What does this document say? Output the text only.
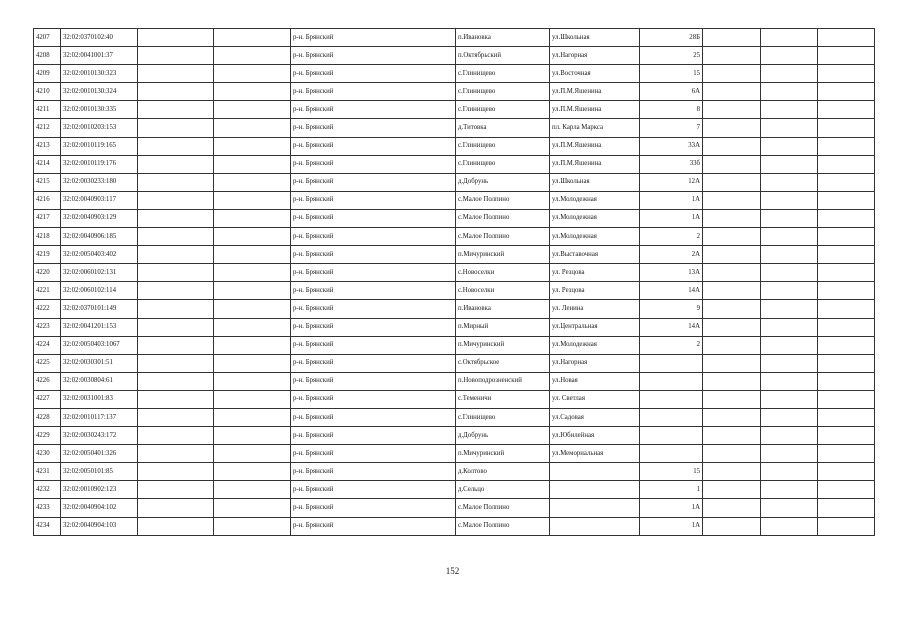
4207	32:02:0370102:40			р-н. Брянский	п.Ивановка	ул.Школьная	28Б			
4208	32:02:0041001:37			р-н. Брянский	п.Октябрьский	ул.Нагорная	25			
4209	32:02:0010130:323			р-н. Брянский	с.Глинищево	ул.Восточная	15			
4210	32:02:0010130:324			р-н. Брянский	с.Глинищево	ул.П.М.Яшенина	6А			
4211	32:02:0010130:335			р-н. Брянский	с.Глинищево	ул.П.М.Яшенина	8			
4212	32:02:0010203:153			р-н. Брянский	д.Титовка	пл. Карла Маркса	7			
4213	32:02:0010119:165			р-н. Брянский	с.Глинищево	ул.П.М.Яшенина	33А			
4214	32:02:0010119:176			р-н. Брянский	с.Глинищево	ул.П.М.Яшенина	33б			
4215	32:02:0030233:180			р-н. Брянский	д.Добрунь	ул.Школьная	12А			
4216	32:02:0040903:117			р-н. Брянский	с.Малое Полпино	ул.Молодежная	1А			
4217	32:02:0040903:129			р-н. Брянский	с.Малое Полпино	ул.Молодежная	1А			
4218	32:02:0040906:185			р-н. Брянский	с.Малое Полпино	ул.Молодежная	2			
4219	32:02:0050403:402			р-н. Брянский	п.Мичуринский	ул.Выставочная	2А			
4220	32:02:0060102:131			р-н. Брянский	с.Новоселки	ул. Резцова	13А			
4221	32:02:0060102:114			р-н. Брянский	с.Новоселки	ул. Резцова	14А			
4222	32:02:0370101:149			р-н. Брянский	п.Ивановка	ул. Ленина	9			
4223	32:02:0041201:153			р-н. Брянский	п.Мирный	ул.Центральная	14А			
4224	32:02:0050403:1067			р-н. Брянский	п.Мичуринский	ул.Молодежная	2			
4225	32:02:0030301:51			р-н. Брянский	с.Октябрьское	ул.Нагорная				
4226	32:02:0030804:61			р-н. Брянский	п.Новоподрозненский	ул.Новая				
4227	32:02:0031001:83			р-н. Брянский	с.Теменичи	ул. Светлая				
4228	32:02:0010117:137			р-н. Брянский	с.Глинищево	ул.Садовая				
4229	32:02:0030243:172			р-н. Брянский	д.Добрунь	ул.Юбилейная				
4230	32:02:0050401:326			р-н. Брянский	п.Мичуринский	ул.Мемориальная				
4231	32:02:0050101:85			р-н. Брянский	д.Колтово		15			
4232	32:02:0010902:123			р-н. Брянский	д.Сельцо		1			
4233	32:02:0040904:102			р-н. Брянский	с.Малое Полпино		1А			
4234	32:02:0040904:103			р-н. Брянский	с.Малое Полпино		1А			
152
